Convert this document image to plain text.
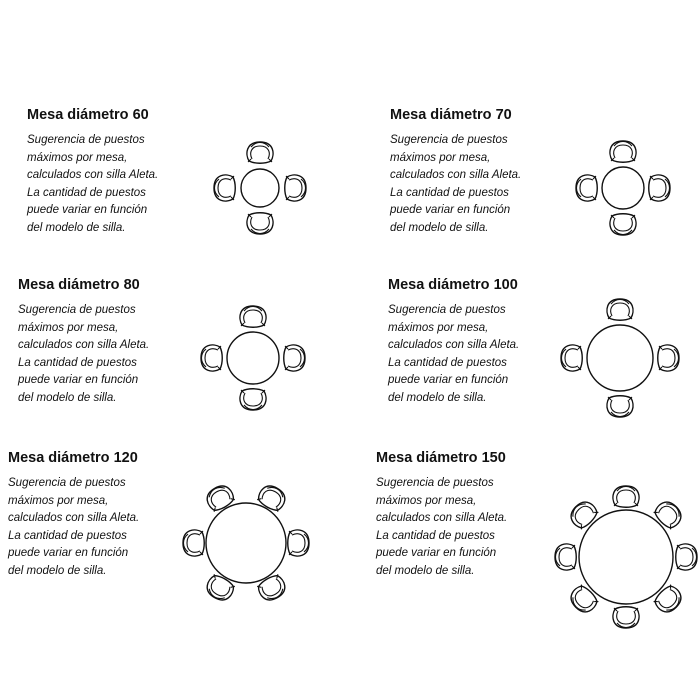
Mesa diámetro 60
Sugerencia de puestos
máximos por mesa,
calculados con silla Aleta.
La cantidad de puestos
puede variar en función
del modelo de silla.
Mesa diámetro 70
Sugerencia de puestos
máximos por mesa,
calculados con silla Aleta.
La cantidad de puestos
puede variar en función
del modelo de silla.
Mesa diámetro 80
Sugerencia de puestos
máximos por mesa,
calculados con silla Aleta.
La cantidad de puestos
puede variar en función
del modelo de silla.
Mesa diámetro 100
Sugerencia de puestos
máximos por mesa,
calculados con silla Aleta.
La cantidad de puestos
puede variar en función
del modelo de silla.
Mesa diámetro 120
Sugerencia de puestos
máximos por mesa,
calculados con silla Aleta.
La cantidad de puestos
puede variar en función
del modelo de silla.
Mesa diámetro 150
Sugerencia de puestos
máximos por mesa,
calculados con silla Aleta.
La cantidad de puestos
puede variar en función
del modelo de silla.
